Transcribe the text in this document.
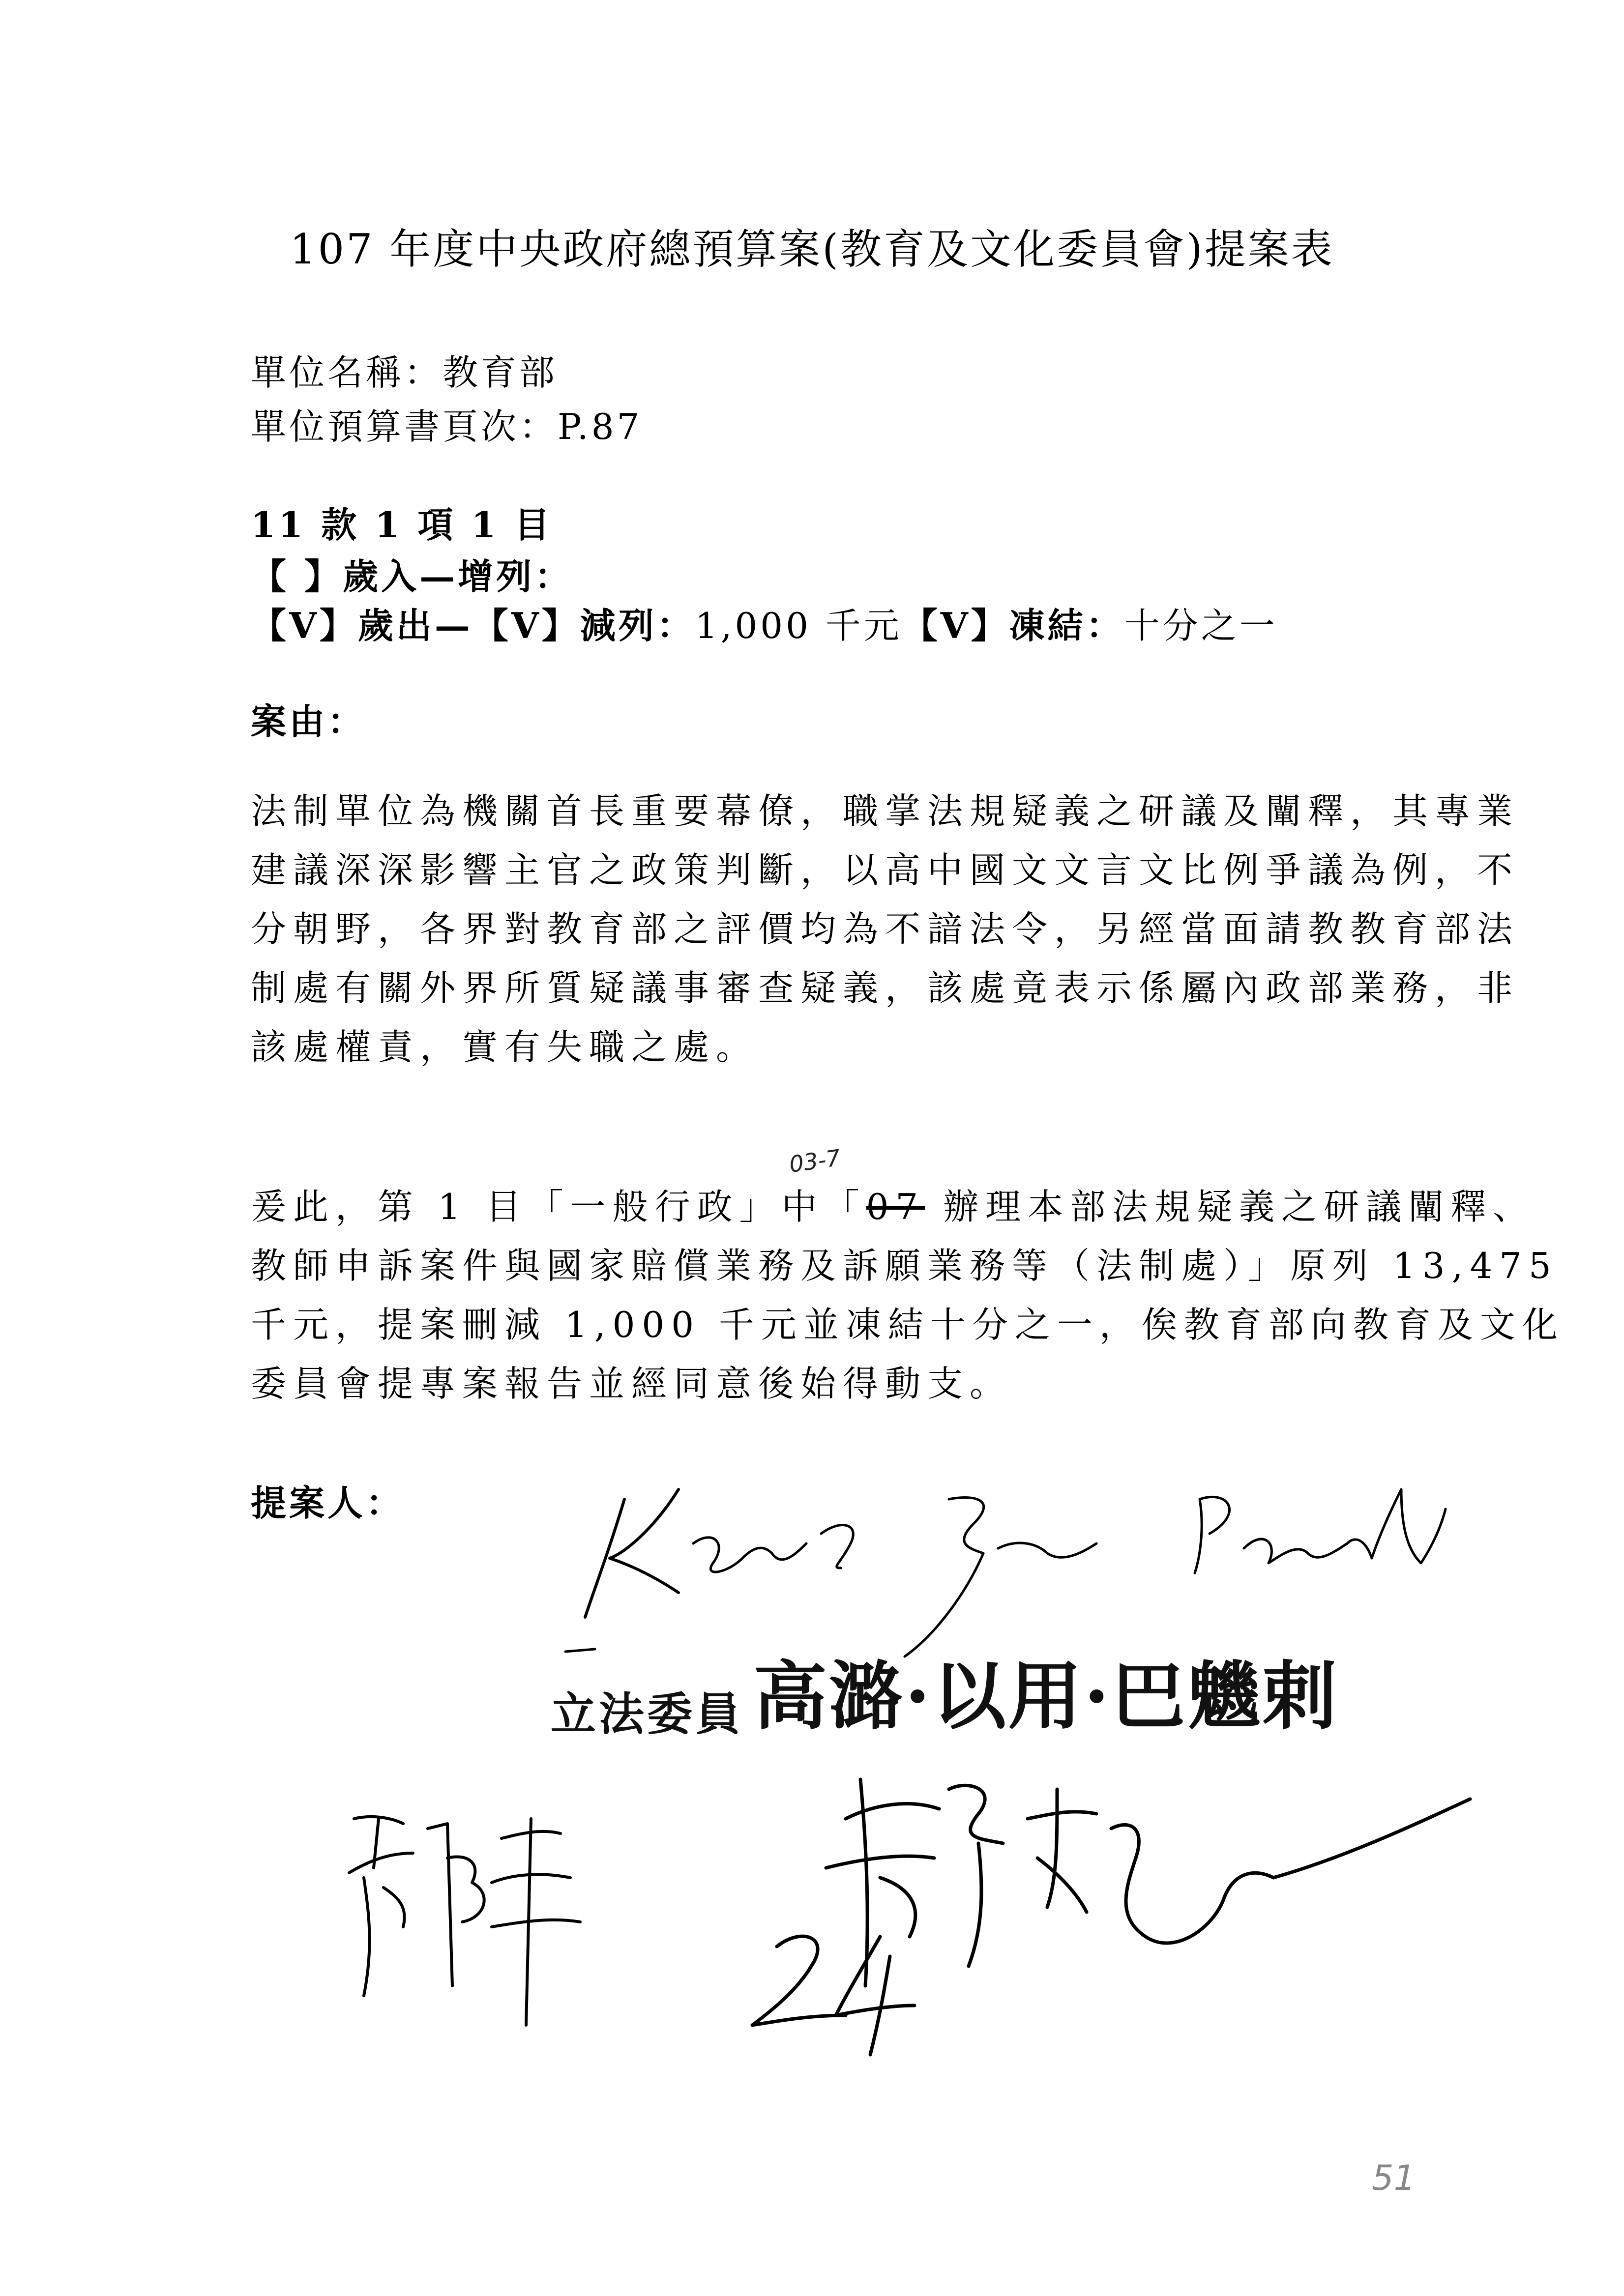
107 年度中央政府總預算案(教育及文化委員會)提案表
單位名稱：教育部
單位預算書頁次：P.87
11 款 1 項 1 目
【 】歲入—增列：
【V】歲出—【V】減列：1,000 千元【V】凍結：十分之一
案由：
法制單位為機關首長重要幕僚，職掌法規疑義之研議及闡釋，其專業
建議深深影響主官之政策判斷，以高中國文文言文比例爭議為例，不
分朝野，各界對教育部之評價均為不諳法令，另經當面請教教育部法
制處有關外界所質疑議事審查疑義，該處竟表示係屬內政部業務，非
該處權責，實有失職之處。
03-7
爰此，第 1 目「一般行政」中「07 辦理本部法規疑義之研議闡釋、
教師申訴案件與國家賠償業務及訴願業務等（法制處）」原列 13,475
千元，提案刪減 1,000 千元並凍結十分之一，俟教育部向教育及文化
委員會提專案報告並經同意後始得動支。
提案人：
立法委員 高潞·以用·巴魕剌
51
